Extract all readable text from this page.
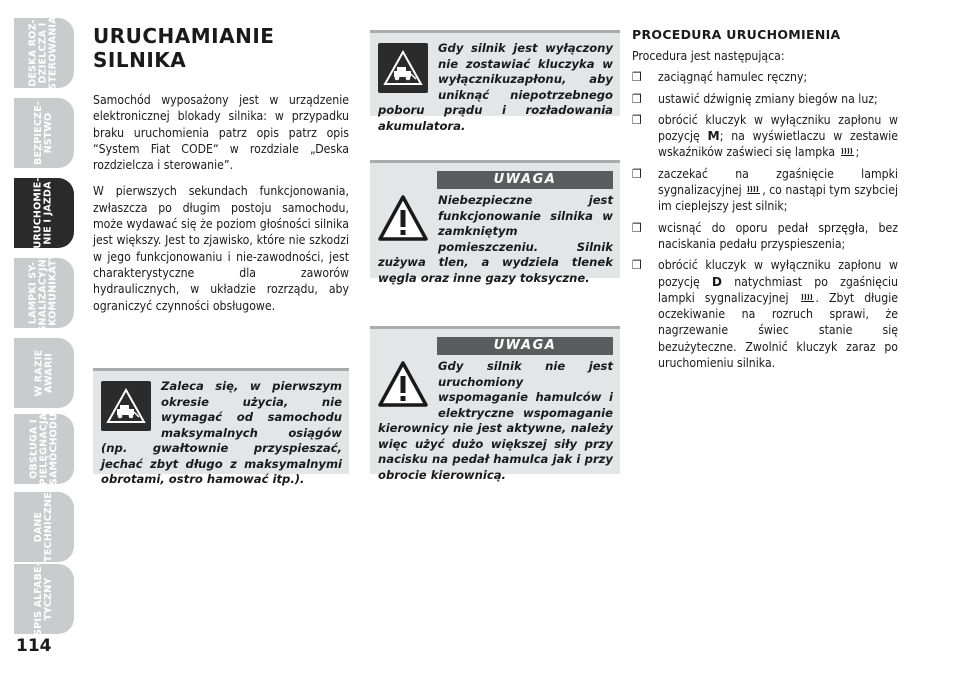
DESKA ROZ-
DZIELCZA I
STEROWANIA
BEZPIECZE-
ŃSTWO
URUCHOMIE-
NIE I JAZDA
LAMPKI SY-
GNALIZACYJNE
I KOMUNIKATY
W RAZIE
AWARII
OBSŁUGA I
PIELĘGNACJA
SAMOCHODU
DANE
TECHNICZNE
SPIS ALFABE-
TYCZNY
114
URUCHAMIANIE
SILNIKA

Samochód wyposażony jest w urządzenie elektronicznej blokady silnika: w przypadku braku uruchomienia patrz opis patrz opis “System Fiat CODE“ w rozdziale „Deska rozdzielcza i sterowanie”.

W pierwszych sekundach funkcjonowania, zwłaszcza po długim postoju samochodu, może wydawać się że poziom głośności silnika jest większy. Jest to zjawisko, które nie szkodzi w jego funkcjonowaniu i nie-zawodności, jest charakterystyczne dla zaworów hydraulicznych, w układzie rozrządu, aby ograniczyć czynności obsługowe.

Zaleca się, w pierwszym okresie użycia, nie wymagać od samochodu maksymalnych osiągów (np. gwałtownie przyspieszać, jechać zbyt długo z maksymalnymi obrotami, ostro hamować itp.).

Gdy silnik jest wyłączony nie zostawiać kluczyka w wyłącznikuzapłonu, aby uniknąć niepotrzebnego poboru prądu i rozładowania akumulatora.

UWAGA

Niebezpieczne jest funkcjonowanie silnika w zamkniętym pomieszczeniu. Silnik zużywa tlen, a wydziela tlenek węgla oraz inne gazy toksyczne.

UWAGA

Gdy silnik nie jest uruchomiony wspomaganie hamulców i elektryczne wspomaganie kierownicy nie jest aktywne, należy więc użyć dużo większej siły przy nacisku na pedał hamulca jak i przy obrocie kierownicą.

PROCEDURA URUCHOMIENIA

Procedura jest następująca:

❒ zaciągnąć hamulec ręczny;
❒ ustawić dźwignię zmiany biegów na luz;
❒ obrócić kluczyk w wyłączniku zapłonu w pozycję M; na wyświetlaczu w zestawie wskaźników zaświeci się lampka ;
❒ zaczekać na zgaśnięcie lampki sygnalizacyjnej , co nastąpi tym szybciej im cieplejszy jest silnik;
❒ wcisnąć do oporu pedał sprzęgła, bez naciskania pedału przyspieszenia;
❒ obrócić kluczyk w wyłączniku zapłonu w pozycję D natychmiast po zgaśnięciu lampki sygnalizacyjnej . Zbyt długie oczekiwanie na rozruch sprawi, że nagrzewanie świec stanie się bezużyteczne. Zwolnić kluczyk zaraz po uruchomieniu silnika.
